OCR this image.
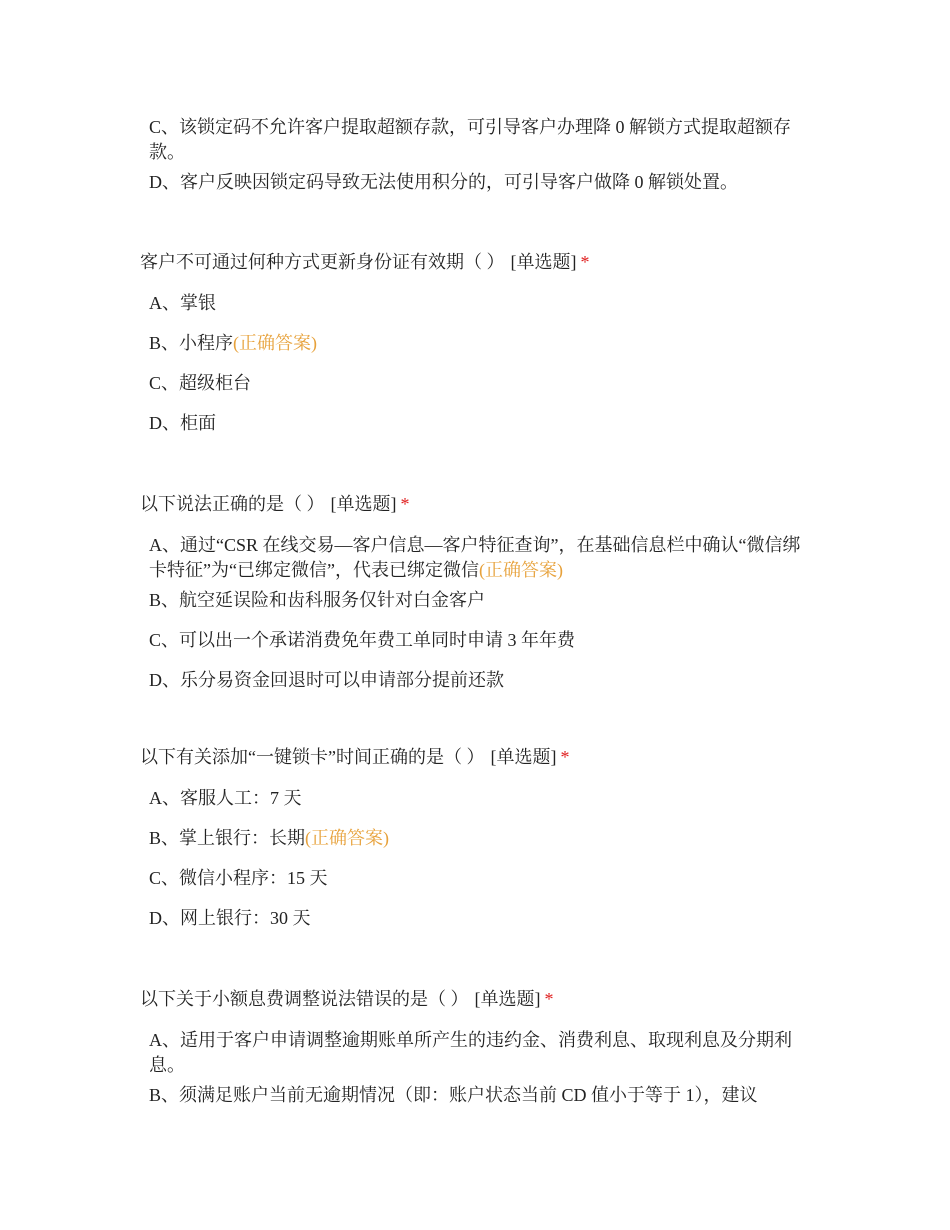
C、该锁定码不允许客户提取超额存款，可引导客户办理降 0 解锁方式提取超额存款。
D、客户反映因锁定码导致无法使用积分的，可引导客户做降 0 解锁处置。
客户不可通过何种方式更新身份证有效期（ ） [单选题] *
A、掌银
B、小程序(正确答案)
C、超级柜台
D、柜面
以下说法正确的是（ ） [单选题] *
A、通过“CSR 在线交易—客户信息—客户特征查询”，在基础信息栏中确认“微信绑卡特征”为“已绑定微信”，代表已绑定微信(正确答案)
B、航空延误险和齿科服务仅针对白金客户
C、可以出一个承诺消费免年费工单同时申请 3 年年费
D、乐分易资金回退时可以申请部分提前还款
以下有关添加“一键锁卡”时间正确的是（ ） [单选题] *
A、客服人工：7 天
B、掌上银行：长期(正确答案)
C、微信小程序：15 天
D、网上银行：30 天
以下关于小额息费调整说法错误的是（ ） [单选题] *
A、适用于客户申请调整逾期账单所产生的违约金、消费利息、取现利息及分期利息。
B、须满足账户当前无逾期情况（即：账户状态当前 CD 值小于等于 1），建议
